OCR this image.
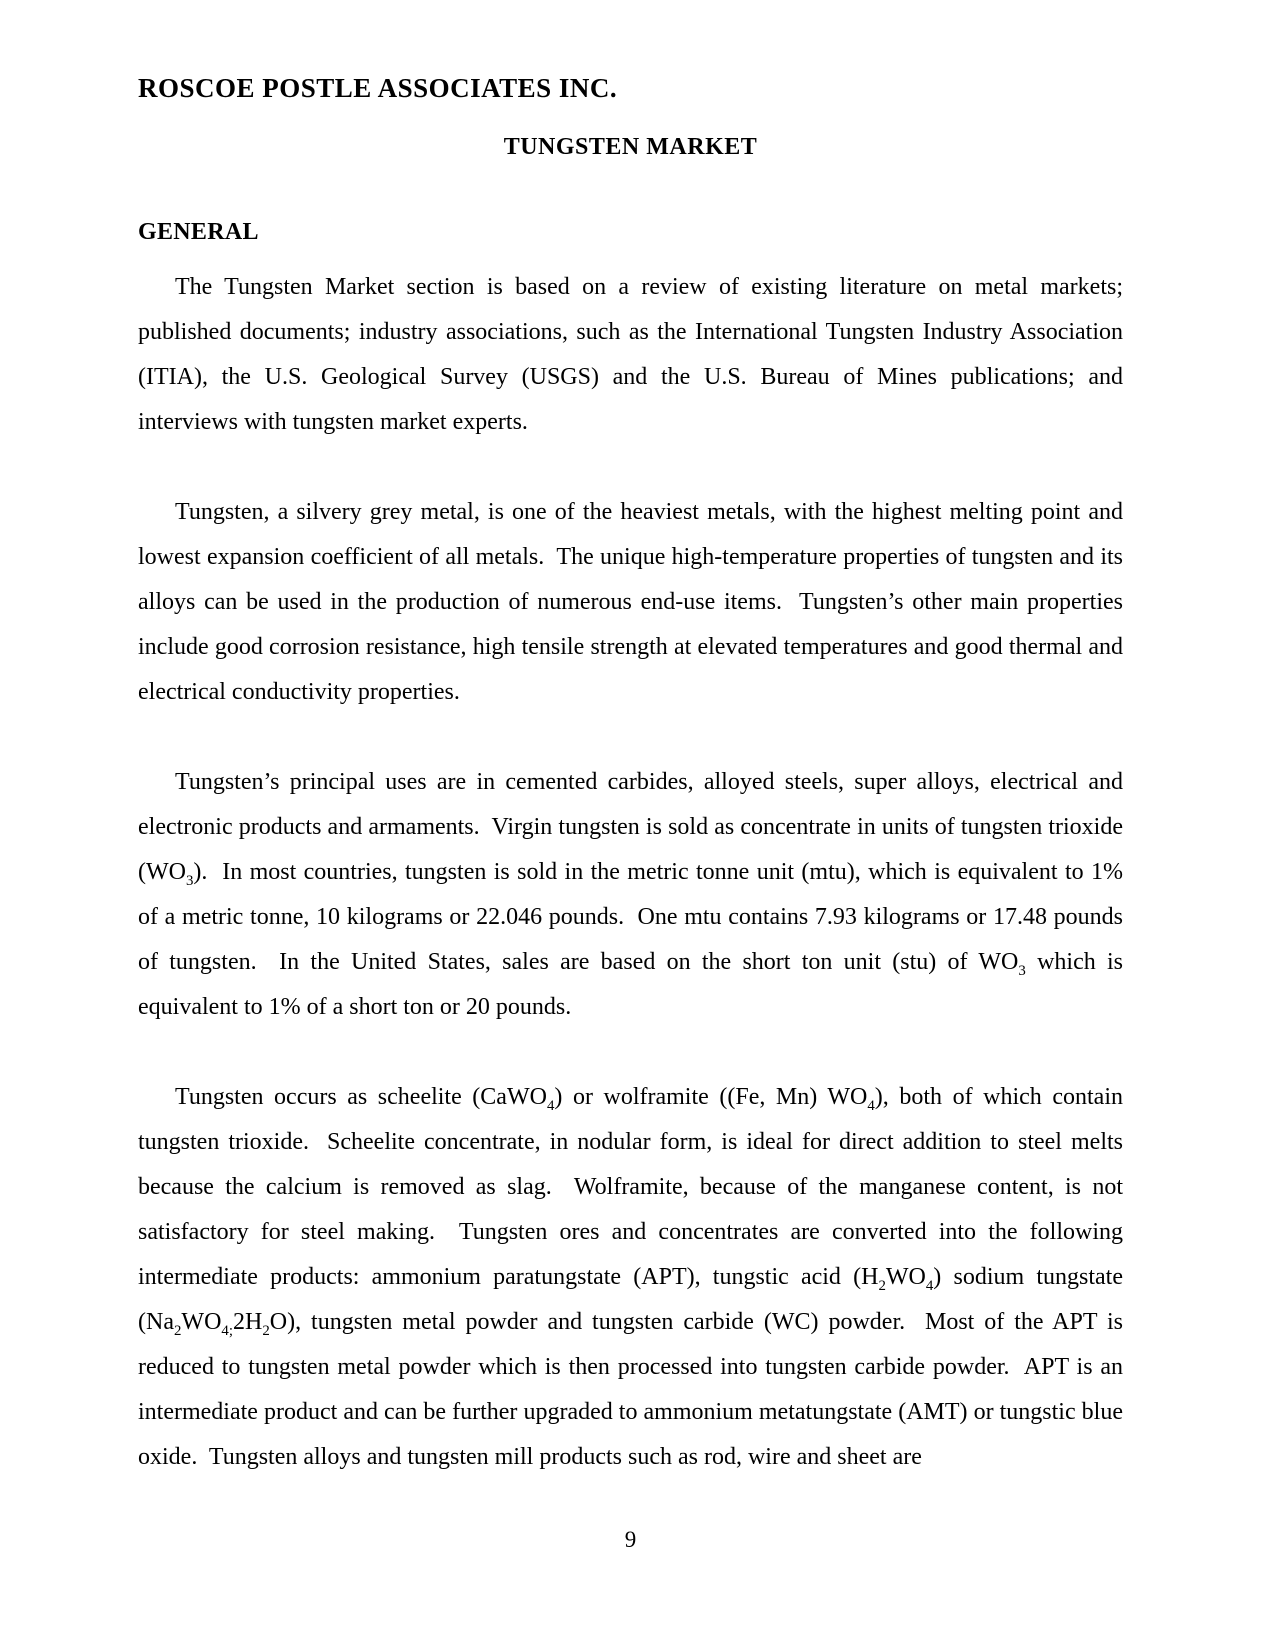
ROSCOE POSTLE ASSOCIATES INC.
TUNGSTEN MARKET
GENERAL

The Tungsten Market section is based on a review of existing literature on metal markets; published documents; industry associations, such as the International Tungsten Industry Association (ITIA), the U.S. Geological Survey (USGS) and the U.S. Bureau of Mines publications; and interviews with tungsten market experts.

Tungsten, a silvery grey metal, is one of the heaviest metals, with the highest melting point and lowest expansion coefficient of all metals.  The unique high-temperature properties of tungsten and its alloys can be used in the production of numerous end-use items.  Tungsten’s other main properties include good corrosion resistance, high tensile strength at elevated temperatures and good thermal and electrical conductivity properties.

Tungsten’s principal uses are in cemented carbides, alloyed steels, super alloys, electrical and electronic products and armaments.  Virgin tungsten is sold as concentrate in units of tungsten trioxide $(WO_3)$.  In most countries, tungsten is sold in the metric tonne unit (mtu), which is equivalent to 1% of a metric tonne, 10 kilograms or 22.046 pounds.  One mtu contains 7.93 kilograms or 17.48 pounds of tungsten.  In the United States, sales are based on the short ton unit (stu) of $WO_3$ which is equivalent to 1% of a short ton or 20 pounds.

Tungsten occurs as scheelite (CaWO$_4$) or wolframite ((Fe, Mn) $WO_4$), both of which contain tungsten trioxide.  Scheelite concentrate, in nodular form, is ideal for direct addition to steel melts because the calcium is removed as slag.  Wolframite, because of the manganese content, is not satisfactory for steel making.  Tungsten ores and concentrates are converted into the following intermediate products: ammonium paratungstate (APT), tungstic acid $(H_2WO_4)$ sodium tungstate $(Na_2WO_{4;}2H_2O)$, tungsten metal powder and tungsten carbide (WC) powder.  Most of the APT is reduced to tungsten metal powder which is then processed into tungsten carbide powder.  APT is an intermediate product and can be further upgraded to ammonium metatungstate (AMT) or tungstic blue oxide.  Tungsten alloys and tungsten mill products such as rod, wire and sheet are

9
